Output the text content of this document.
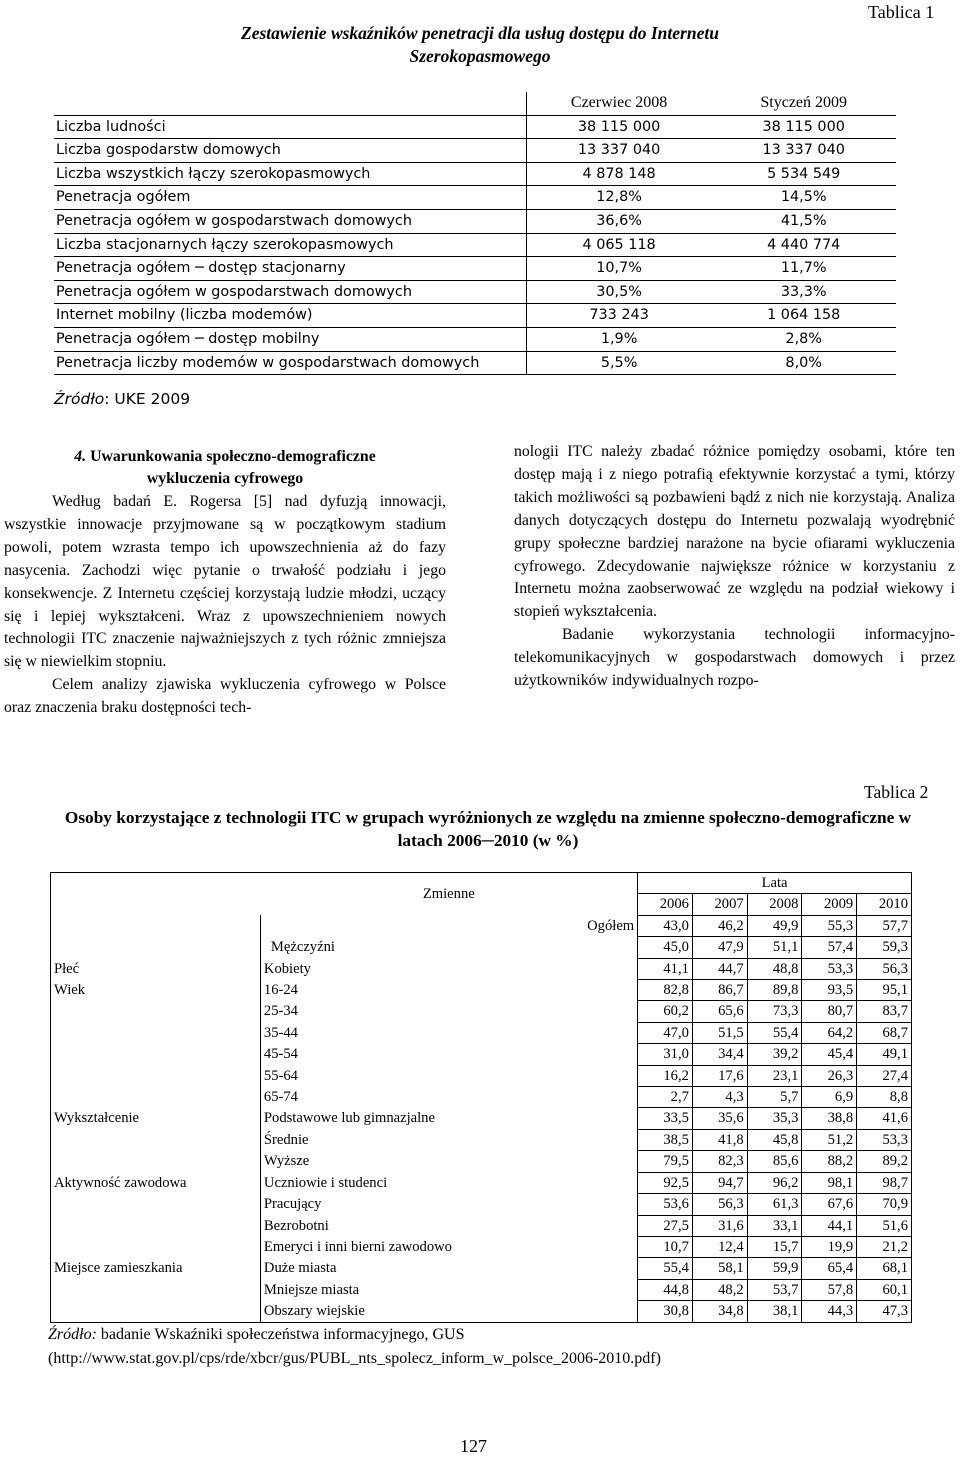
Tablica 1
Zestawienie wskaźników penetracji dla usług dostępu do Internetu Szerokopasmowego
	Czerwiec 2008	Styczeń 2009
Liczba ludności	38 115 000	38 115 000
Liczba gospodarstw domowych	13 337 040	13 337 040
Liczba wszystkich łączy szerokopasmowych	4 878 148	5 534 549
Penetracja ogółem	12,8%	14,5%
Penetracja ogółem w gospodarstwach domowych	36,6%	41,5%
Liczba stacjonarnych łączy szerokopasmowych	4 065 118	4 440 774
Penetracja ogółem ─ dostęp stacjonarny	10,7%	11,7%
Penetracja ogółem w gospodarstwach domowych	30,5%	33,3%
Internet mobilny (liczba modemów)	733 243	1 064 158
Penetracja ogółem ─ dostęp mobilny	1,9%	2,8%
Penetracja liczby modemów w gospodarstwach domowych	5,5%	8,0%
Źródło: UKE 2009
4. Uwarunkowania społeczno-demograficzne
wykluczenia cyfrowego

Według badań E. Rogersa [5] nad dyfuzją innowacji, wszystkie innowacje przyjmowane są w początkowym stadium powoli, potem wzrasta tempo ich upowszechnienia aż do fazy nasycenia. Zachodzi więc pytanie o trwałość podziału i jego konsekwencje. Z Internetu częściej korzystają ludzie młodzi, uczący się i lepiej wykształceni. Wraz z upowszechnieniem nowych technologii ITC znaczenie najważniejszych z tych różnic zmniejsza się w niewielkim stopniu.

Celem analizy zjawiska wykluczenia cyfrowego w Polsce oraz znaczenia braku dostępności tech-

nologii ITC należy zbadać różnice pomiędzy osobami, które ten dostęp mają i z niego potrafią efektywnie korzystać a tymi, którzy takich możliwości są pozbawieni bądź z nich nie korzystają. Analiza danych dotyczących dostępu do Internetu pozwalają wyodrębnić grupy społeczne bardziej narażone na bycie ofiarami wykluczenia cyfrowego. Zdecydowanie największe różnice w korzystaniu z Internetu można zaobserwować ze względu na podział wiekowy i stopień wykształcenia.

Badanie wykorzystania technologii informacyjno-telekomunikacyjnych w gospodarstwach domowych i przez użytkowników indywidualnych rozpo-

Tablica 2
Osoby korzystające z technologii ITC w grupach wyróżnionych ze względu na zmienne społeczno-demograficzne w latach 2006─2010 (w %)
	Zmienne	Lata				
		2006	2007	2008	2009	2010
	Ogółem	43,0	46,2	49,9	55,3	57,7
	Mężczyźni	45,0	47,9	51,1	57,4	59,3
Płeć	Kobiety	41,1	44,7	48,8	53,3	56,3
Wiek	16-24	82,8	86,7	89,8	93,5	95,1
	25-34	60,2	65,6	73,3	80,7	83,7
	35-44	47,0	51,5	55,4	64,2	68,7
	45-54	31,0	34,4	39,2	45,4	49,1
	55-64	16,2	17,6	23,1	26,3	27,4
	65-74	2,7	4,3	5,7	6,9	8,8
Wykształcenie	Podstawowe lub gimnazjalne	33,5	35,6	35,3	38,8	41,6
	Średnie	38,5	41,8	45,8	51,2	53,3
	Wyższe	79,5	82,3	85,6	88,2	89,2
Aktywność zawodowa	Uczniowie i studenci	92,5	94,7	96,2	98,1	98,7
	Pracujący	53,6	56,3	61,3	67,6	70,9
	Bezrobotni	27,5	31,6	33,1	44,1	51,6
	Emeryci i inni bierni zawodowo	10,7	12,4	15,7	19,9	21,2
Miejsce zamieszkania	Duże miasta	55,4	58,1	59,9	65,4	68,1
	Mniejsze miasta	44,8	48,2	53,7	57,8	60,1
	Obszary wiejskie	30,8	34,8	38,1	44,3	47,3
Źródło: badanie Wskaźniki społeczeństwa informacyjnego, GUS
(http://www.stat.gov.pl/cps/rde/xbcr/gus/PUBL_nts_spolecz_inform_w_polsce_2006-2010.pdf)
127
